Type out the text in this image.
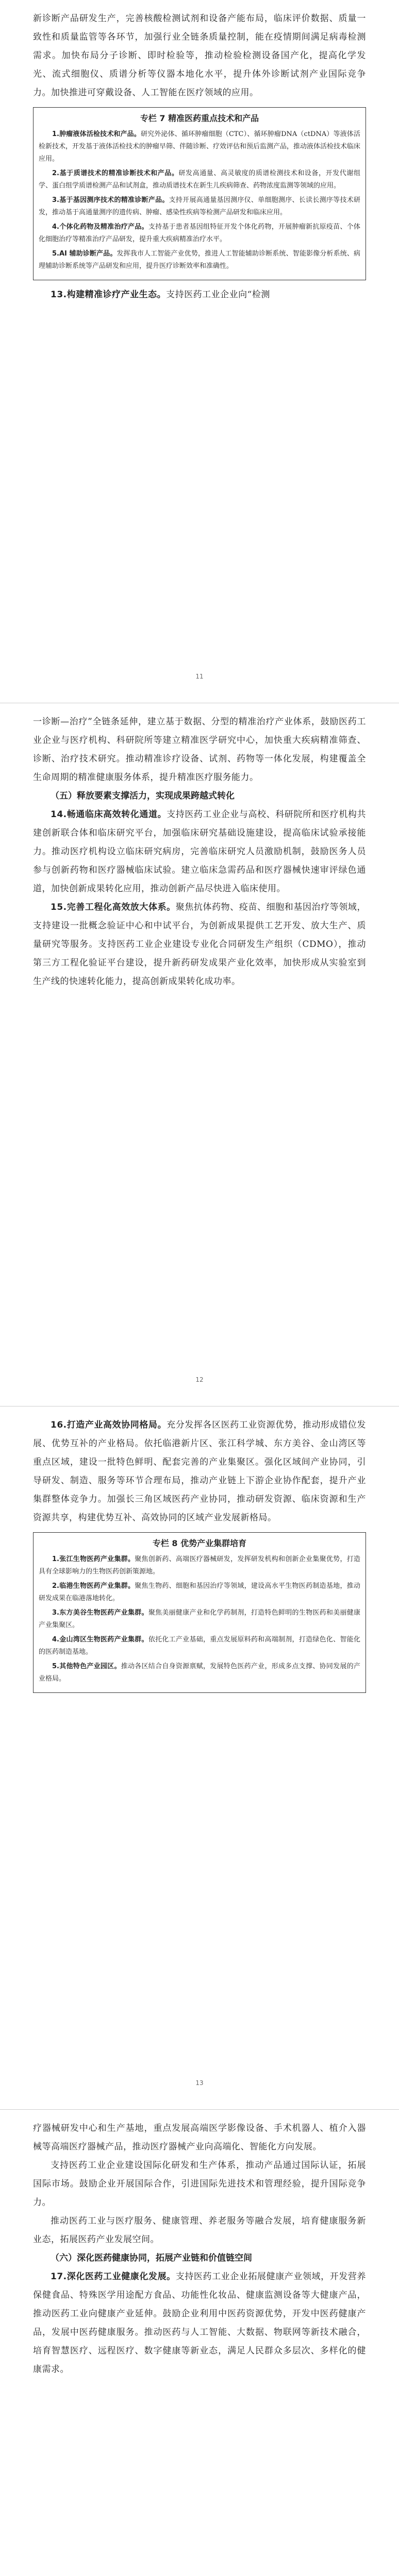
新诊断产品研发生产，完善核酸检测试剂和设备产能布局，临床评价数据、质量一致性和质量监管等各环节，加强行业全链条质量控制，能在疫情期间满足病毒检测需求。加快布局分子诊断、即时检验等，推动检验检测设备国产化，提高化学发光、流式细胞仪、质谱分析等仪器本地化水平，提升体外诊断试剂产业国际竞争力。加快推进可穿戴设备、人工智能在医疗领域的应用。

专栏 7 精准医药重点技术和产品

1.肿瘤液体活检技术和产品。研究外泌体、循环肿瘤细胞（CTC）、循环肿瘤DNA（ctDNA）等液体活检新技术，开发基于液体活检技术的肿瘤早筛、伴随诊断、疗效评估和预后监测产品，推动液体活检技术临床应用。

2.基于质谱技术的精准诊断技术和产品。研发高通量、高灵敏度的质谱检测技术和设备，开发代谢组学、蛋白组学质谱检测产品和试剂盒，推动质谱技术在新生儿疾病筛查、药物浓度监测等领域的应用。

3.基于基因测序技术的精准诊断产品。支持开展高通量基因测序仪、单细胞测序、长读长测序等技术研发，推动基于高通量测序的遗传病、肿瘤、感染性疾病等检测产品研发和临床应用。

4.个体化药物及精准治疗产品。支持基于患者基因组特征开发个体化药物，开展肿瘤新抗原疫苗、个体化细胞治疗等精准治疗产品研发，提升重大疾病精准治疗水平。

5.AI 辅助诊断产品。发挥我市人工智能产业优势，推进人工智能辅助诊断系统、智能影像分析系统、病理辅助诊断系统等产品研发和应用，提升医疗诊断效率和准确性。

13.构建精准诊疗产业生态。支持医药工业企业向“检测

11

一诊断—治疗”全链条延伸，建立基于数据、分型的精准治疗产业体系，鼓励医药工业企业与医疗机构、科研院所等建立精准医学研究中心，加快重大疾病精准筛查、诊断、治疗技术研究。推动精准诊疗设备、试剂、药物等一体化发展，构建覆盖全生命周期的精准健康服务体系，提升精准医疗服务能力。

（五）释放要素支撑活力，实现成果跨越式转化

14.畅通临床高效转化通道。支持医药工业企业与高校、科研院所和医疗机构共建创新联合体和临床研究平台，加强临床研究基础设施建设，提高临床试验承接能力。推动医疗机构设立临床研究病房，完善临床研究人员激励机制，鼓励医务人员参与创新药物和医疗器械临床试验。建立临床急需药品和医疗器械快速审评绿色通道，加快创新成果转化应用，推动创新产品尽快进入临床使用。

15.完善工程化高效放大体系。聚焦抗体药物、疫苗、细胞和基因治疗等领域，支持建设一批概念验证中心和中试平台，为创新成果提供工艺开发、放大生产、质量研究等服务。支持医药工业企业建设专业化合同研发生产组织（CDMO），推动第三方工程化验证平台建设，提升新药研发成果产业化效率，加快形成从实验室到生产线的快速转化能力，提高创新成果转化成功率。

12

16.打造产业高效协同格局。充分发挥各区医药工业资源优势，推动形成错位发展、优势互补的产业格局。依托临港新片区、张江科学城、东方美谷、金山湾区等重点区域，建设一批特色鲜明、配套完善的产业集聚区。强化区域间产业协同，引导研发、制造、服务等环节合理布局，推动产业链上下游企业协作配套，提升产业集群整体竞争力。加强长三角区域医药产业协同，推动研发资源、临床资源和生产资源共享，构建优势互补、高效协同的区域产业发展新格局。

专栏 8 优势产业集群培育

1.张江生物医药产业集群。聚焦创新药、高端医疗器械研发，发挥研发机构和创新企业集聚优势，打造具有全球影响力的生物医药创新策源地。

2.临港生物医药产业集群。聚焦生物药、细胞和基因治疗等领域，建设高水平生物医药制造基地，推动研发成果在临港落地转化。

3.东方美谷生物医药产业集群。聚焦美丽健康产业和化学药制剂，打造特色鲜明的生物医药和美丽健康产业集聚区。

4.金山湾区生物医药产业集群。依托化工产业基础，重点发展原料药和高端制剂，打造绿色化、智能化的医药制造基地。

5.其他特色产业园区。推动各区结合自身资源禀赋，发展特色医药产业，形成多点支撑、协同发展的产业格局。

13

疗器械研发中心和生产基地，重点发展高端医学影像设备、手术机器人、植介入器械等高端医疗器械产品，推动医疗器械产业向高端化、智能化方向发展。

支持医药工业企业建设国际化研发和生产体系，推动产品通过国际认证，拓展国际市场。鼓励企业开展国际合作，引进国际先进技术和管理经验，提升国际竞争力。

推动医药工业与医疗服务、健康管理、养老服务等融合发展，培育健康服务新业态，拓展医药产业发展空间。

（六）深化医药健康协同，拓展产业链和价值链空间

17.深化医药工业健康化发展。支持医药工业企业拓展健康产业领域，开发营养保健食品、特殊医学用途配方食品、功能性化妆品、健康监测设备等大健康产品，推动医药工业向健康产业延伸。鼓励企业利用中医药资源优势，开发中医药健康产品，发展中医药健康服务。推动医药与人工智能、大数据、物联网等新技术融合，培育智慧医疗、远程医疗、数字健康等新业态，满足人民群众多层次、多样化的健康需求。
